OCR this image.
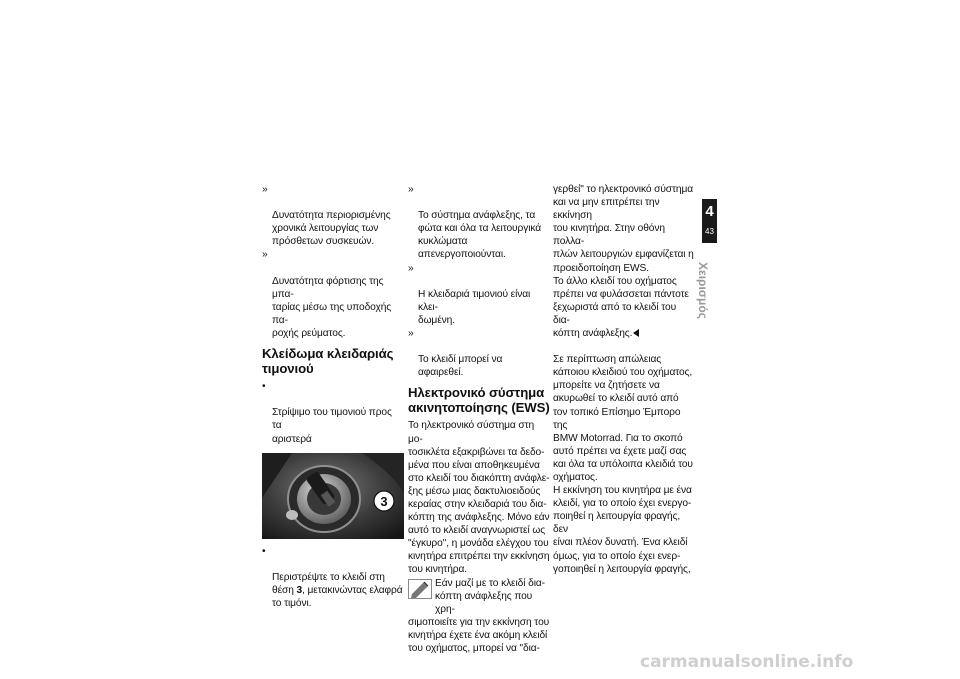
»

Δυνατότητα περιορισμένης
χρονικά λειτουργίας των
πρόσθετων συσκευών.

»

Δυνατότητα φόρτισης της μπα-
ταρίας μέσω της υποδοχής πα-
ροχής ρεύματος.

Κλείδωμα κλειδαριάς
τιμονιού

•

Στρίψιμο του τιμονιού προς τα
αριστερά

3

•

Περιστρέψτε το κλειδί στη
θέση 3, μετακινώντας ελαφρά
το τιμόνι.

»

Το σύστημα ανάφλεξης, τα
φώτα και όλα τα λειτουργικά
κυκλώματα απενεργοποιούνται.

»

Η κλειδαριά τιμονιού είναι κλει-
δωμένη.

»

Το κλειδί μπορεί να αφαιρεθεί.

Ηλεκτρονικό σύστημα
ακινητοποίησης (EWS)

Το ηλεκτρονικό σύστημα στη μο-
τοσικλέτα εξακριβώνει τα δεδο-
μένα που είναι αποθηκευμένα
στο κλειδί του διακόπτη ανάφλε-
ξης μέσω μιας δακτυλιοειδούς
κεραίας στην κλειδαριά του δια-
κόπτη της ανάφλεξης. Μόνο εάν
αυτό το κλειδί αναγνωριστεί ως
"έγκυρο", η μονάδα ελέγχου του
κινητήρα επιτρέπει την εκκίνηση
του κινητήρα.

Εάν μαζί με το κλειδί δια-
κόπτη ανάφλεξης που χρη-
σιμοποιείτε για την εκκίνηση του
κινητήρα έχετε ένα ακόμη κλειδί
του οχήματος, μπορεί να "δια-

γερθεί" το ηλεκτρονικό σύστημα
και να μην επιτρέπει την εκκίνηση
του κινητήρα. Στην οθόνη πολλα-
πλών λειτουργιών εμφανίζεται η
προειδοποίηση EWS.
Το άλλο κλειδί του οχήματος
πρέπει να φυλάσσεται πάντοτε
ξεχωριστά από το κλειδί του δια-
κόπτη ανάφλεξης.

Σε περίπτωση απώλειας
κάποιου κλειδιού του οχήματος,
μπορείτε να ζητήσετε να
ακυρωθεί το κλειδί αυτό από
τον τοπικό Επίσημο Έμπορο της
BMW Motorrad. Για το σκοπό
αυτό πρέπει να έχετε μαζί σας
και όλα τα υπόλοιπα κλειδιά του
οχήματος.
Η εκκίνηση του κινητήρα με ένα
κλειδί, για το οποίο έχει ενεργο-
ποιηθεί η λειτουργία φραγής, δεν
είναι πλέον δυνατή. Ένα κλειδί
όμως, για το οποίο έχει ενερ-
γοποιηθεί η λειτουργία φραγής,

4
43
Χειρισμός
carmanualsonline.info
